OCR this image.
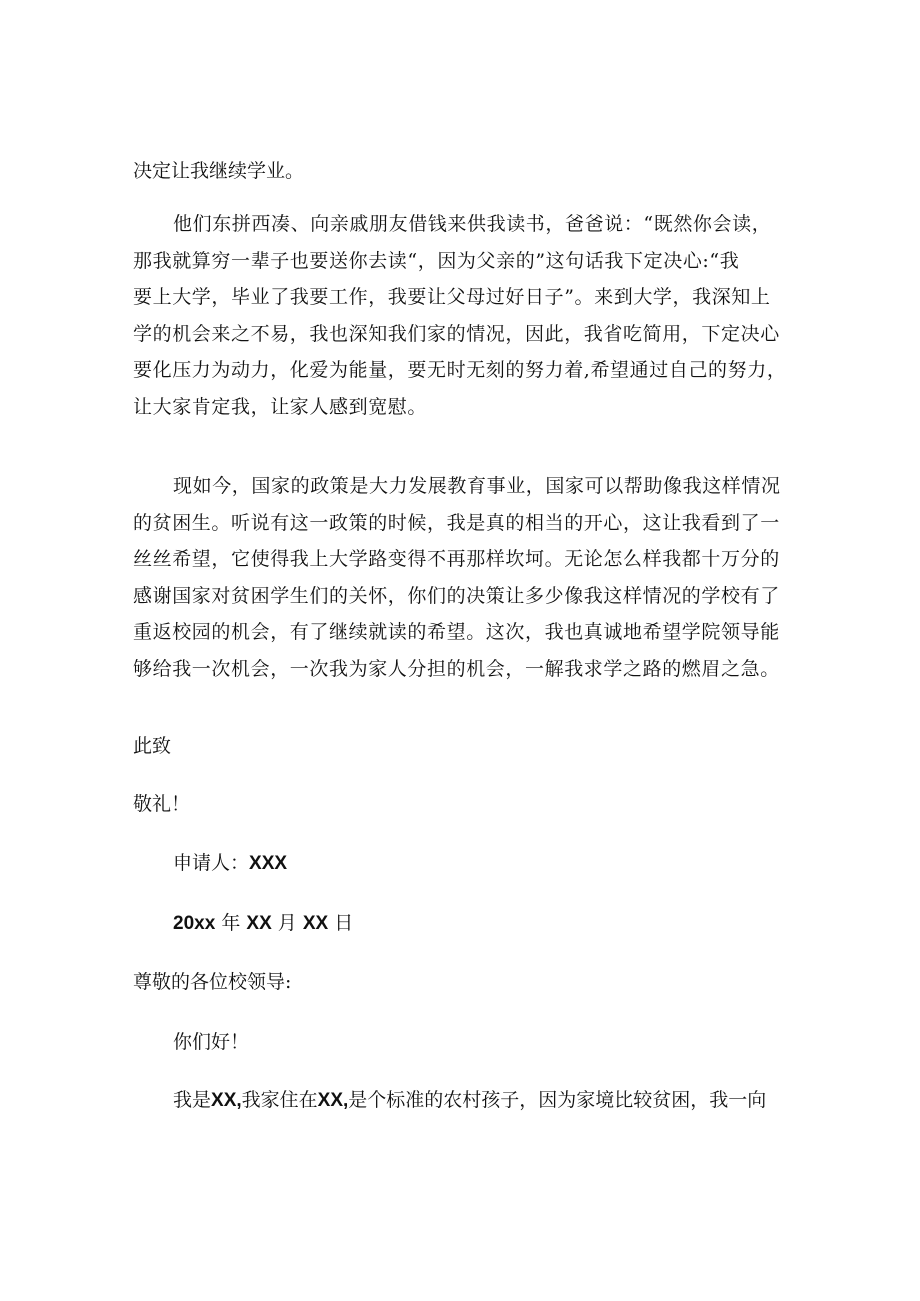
决定让我继续学业。

他们东拼西凑、向亲戚朋友借钱来供我读书，爸爸说：“既然你会读，
那我就算穷一辈子也要送你去读“，因为父亲的”这句话我下定决心:“我
要上大学，毕业了我要工作，我要让父母过好日子”。来到大学，我深知上
学的机会来之不易，我也深知我们家的情况，因此，我省吃简用，下定决心
要化压力为动力，化爱为能量，要无时无刻的努力着,希望通过自己的努力，
让大家肯定我，让家人感到宽慰。
现如今，国家的政策是大力发展教育事业，国家可以帮助像我这样情况
的贫困生。听说有这一政策的时候，我是真的相当的开心，这让我看到了一
丝丝希望，它使得我上大学路变得不再那样坎坷。无论怎么样我都十万分的
感谢国家对贫困学生们的关怀，你们的决策让多少像我这样情况的学校有了
重返校园的机会，有了继续就读的希望。这次，我也真诚地希望学院领导能
够给我一次机会，一次我为家人分担的机会，一解我求学之路的燃眉之急。

此致

敬礼！

申请人：XXX

20xx 年 XX 月 XX 日

尊敬的各位校领导:

你们好！

我是XX,我家住在XX,是个标准的农村孩子，因为家境比较贫困，我一向
